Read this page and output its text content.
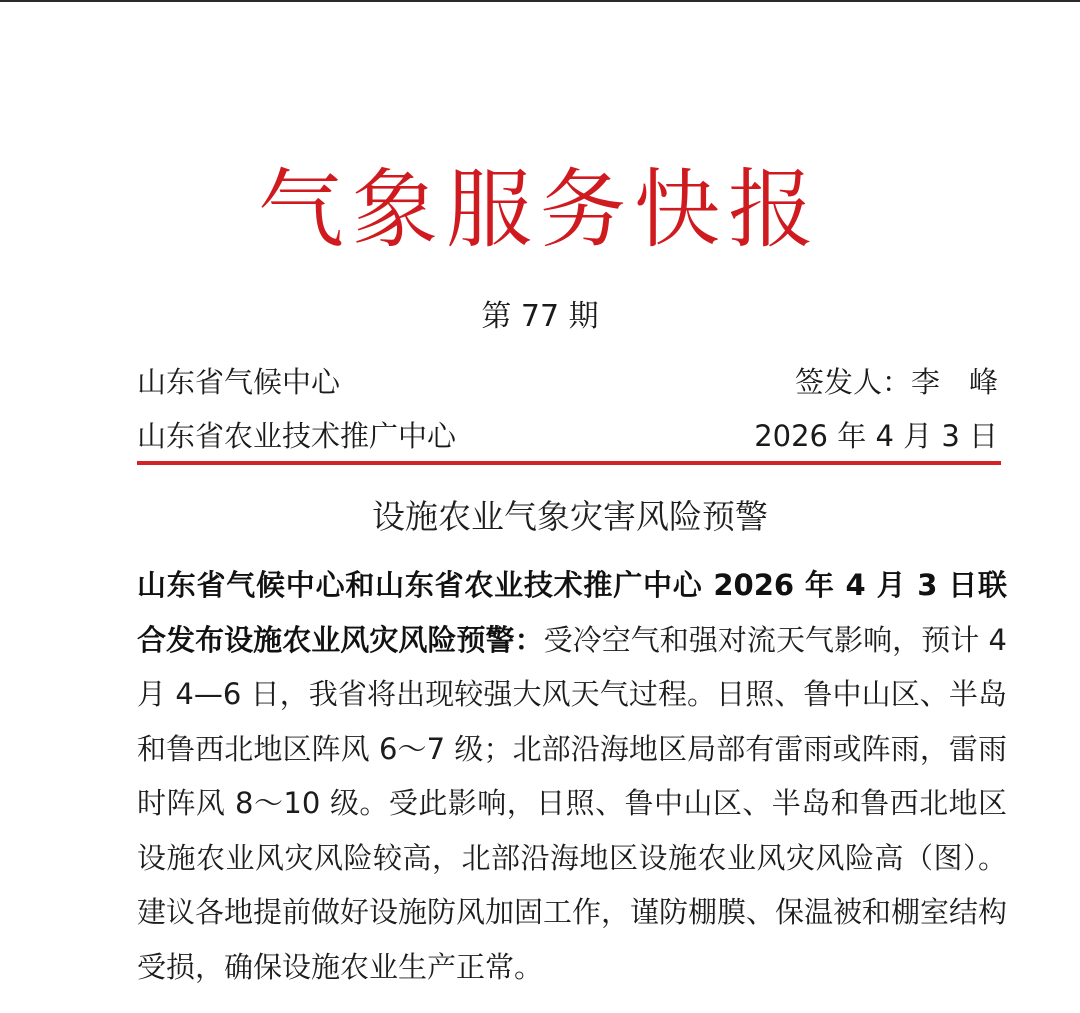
气象服务快报
第 77 期
山东省气候中心
山东省农业技术推广中心
签发人：李　峰
2026 年 4 月 3 日
设施农业气象灾害风险预警
山东省气候中心和山东省农业技术推广中心 2026 年 4 月 3 日联合发布设施农业风灾风险预警：受冷空气和强对流天气影响，预计 4 月 4—6 日，我省将出现较强大风天气过程。日照、鲁中山区、半岛和鲁西北地区阵风 6～7 级；北部沿海地区局部有雷雨或阵雨，雷雨时阵风 8～10 级。受此影响，日照、鲁中山区、半岛和鲁西北地区设施农业风灾风险较高，北部沿海地区设施农业风灾风险高（图）。建议各地提前做好设施防风加固工作，谨防棚膜、保温被和棚室结构受损，确保设施农业生产正常。
